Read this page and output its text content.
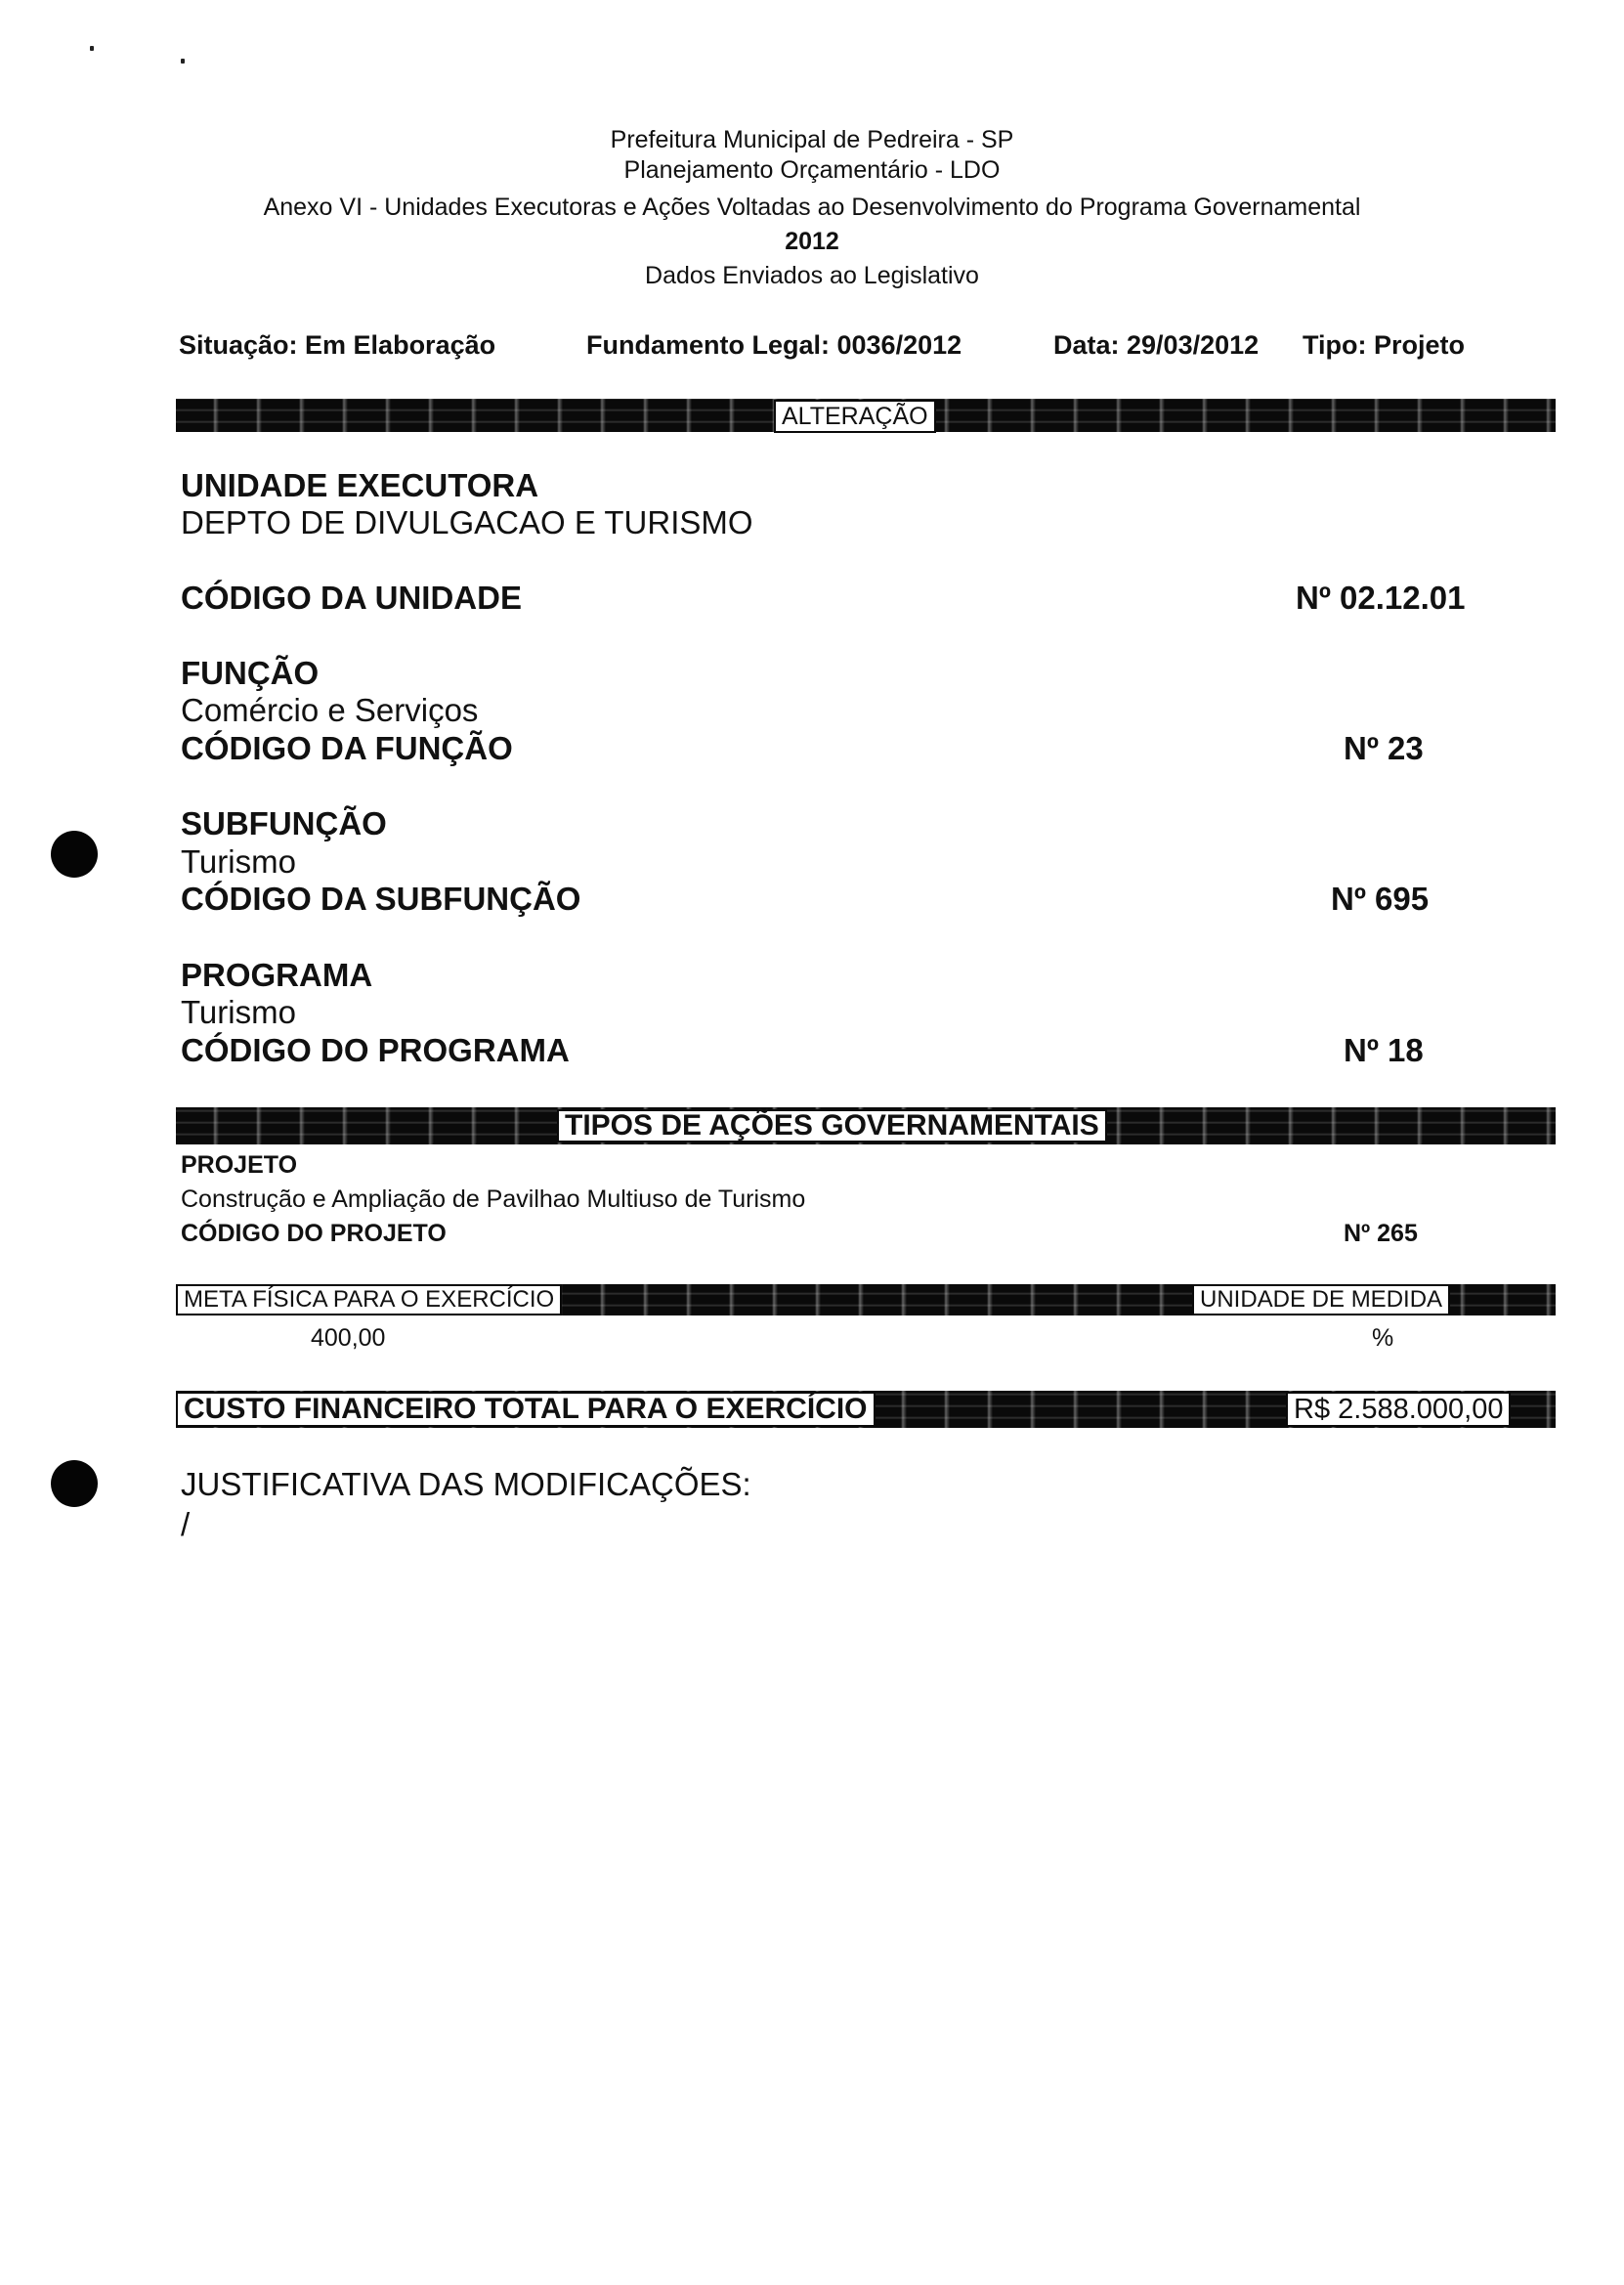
Prefeitura Municipal de Pedreira - SP
Planejamento Orçamentário - LDO
Anexo VI - Unidades Executoras e Ações Voltadas ao Desenvolvimento do Programa Governamental
2012
Dados Enviados ao Legislativo
Situação: Em Elaboração	Fundamento Legal: 0036/2012	Data: 29/03/2012 Tipo: Projeto
ALTERAÇÃO
UNIDADE EXECUTORA
DEPTO DE DIVULGACAO E TURISMO
CÓDIGO DA UNIDADE	Nº 02.12.01
FUNÇÃO
Comércio e Serviços
CÓDIGO DA FUNÇÃO	Nº 23
SUBFUNÇÃO
Turismo
CÓDIGO DA SUBFUNÇÃO	Nº 695
PROGRAMA
Turismo
CÓDIGO DO PROGRAMA	Nº 18
TIPOS DE AÇÕES GOVERNAMENTAIS
PROJETO
Construção e Ampliação de Pavilhao Multiuso de Turismo
CÓDIGO DO PROJETO	Nº 265
META FÍSICA PARA O EXERCÍCIO	UNIDADE DE MEDIDA
400,00	%
CUSTO FINANCEIRO TOTAL PARA O EXERCÍCIO	R$ 2.588.000,00
JUSTIFICATIVA DAS MODIFICAÇÕES:
/
